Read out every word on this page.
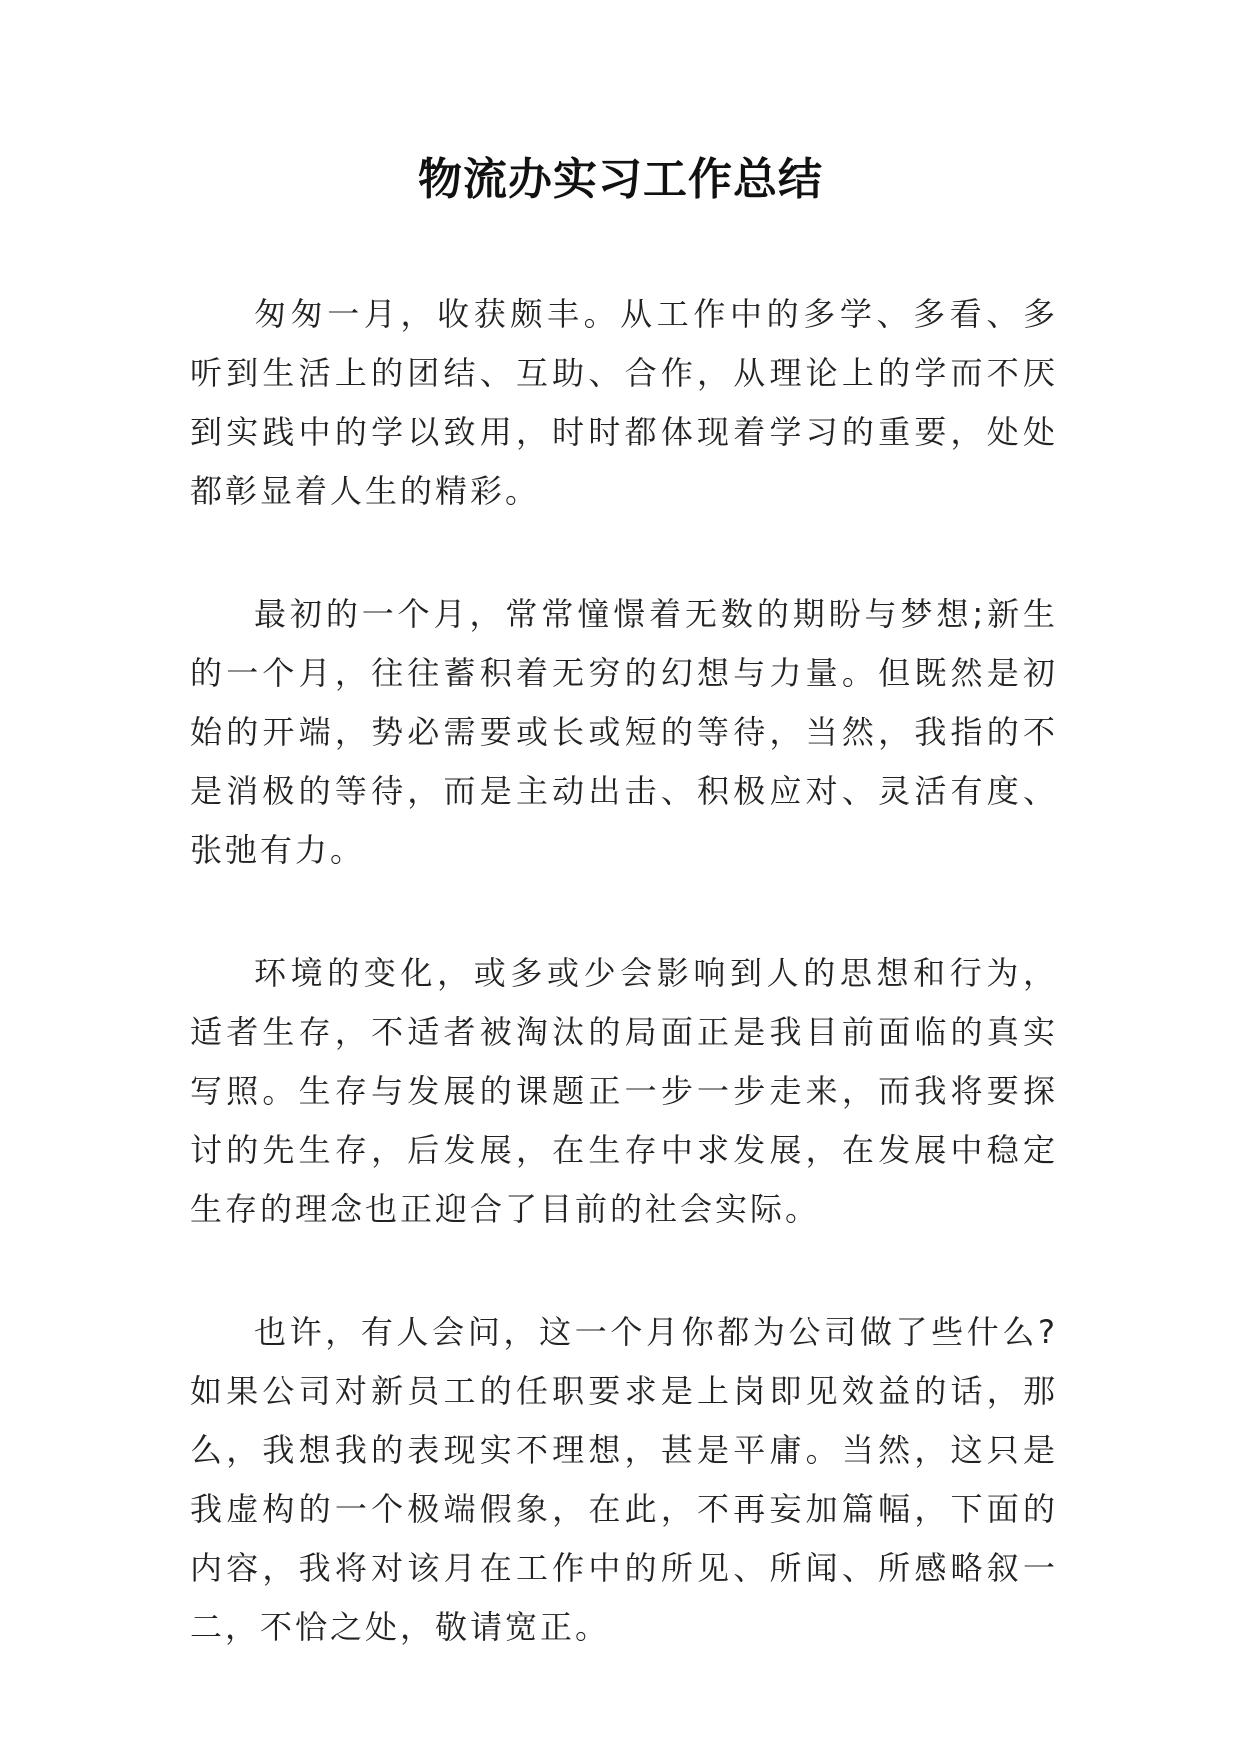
物流办实习工作总结

匆匆一月，收获颇丰。从工作中的多学、多看、多听到生活上的团结、互助、合作，从理论上的学而不厌到实践中的学以致用，时时都体现着学习的重要，处处都彰显着人生的精彩。

最初的一个月，常常憧憬着无数的期盼与梦想;新生的一个月，往往蓄积着无穷的幻想与力量。但既然是初始的开端，势必需要或长或短的等待，当然，我指的不是消极的等待，而是主动出击、积极应对、灵活有度、张弛有力。

环境的变化，或多或少会影响到人的思想和行为，适者生存，不适者被淘汰的局面正是我目前面临的真实写照。生存与发展的课题正一步一步走来，而我将要探讨的先生存，后发展，在生存中求发展，在发展中稳定生存的理念也正迎合了目前的社会实际。

也许，有人会问，这一个月你都为公司做了些什么?如果公司对新员工的任职要求是上岗即见效益的话，那么，我想我的表现实不理想，甚是平庸。当然，这只是我虚构的一个极端假象，在此，不再妄加篇幅，下面的内容，我将对该月在工作中的所见、所闻、所感略叙一二，不恰之处，敬请宽正。
